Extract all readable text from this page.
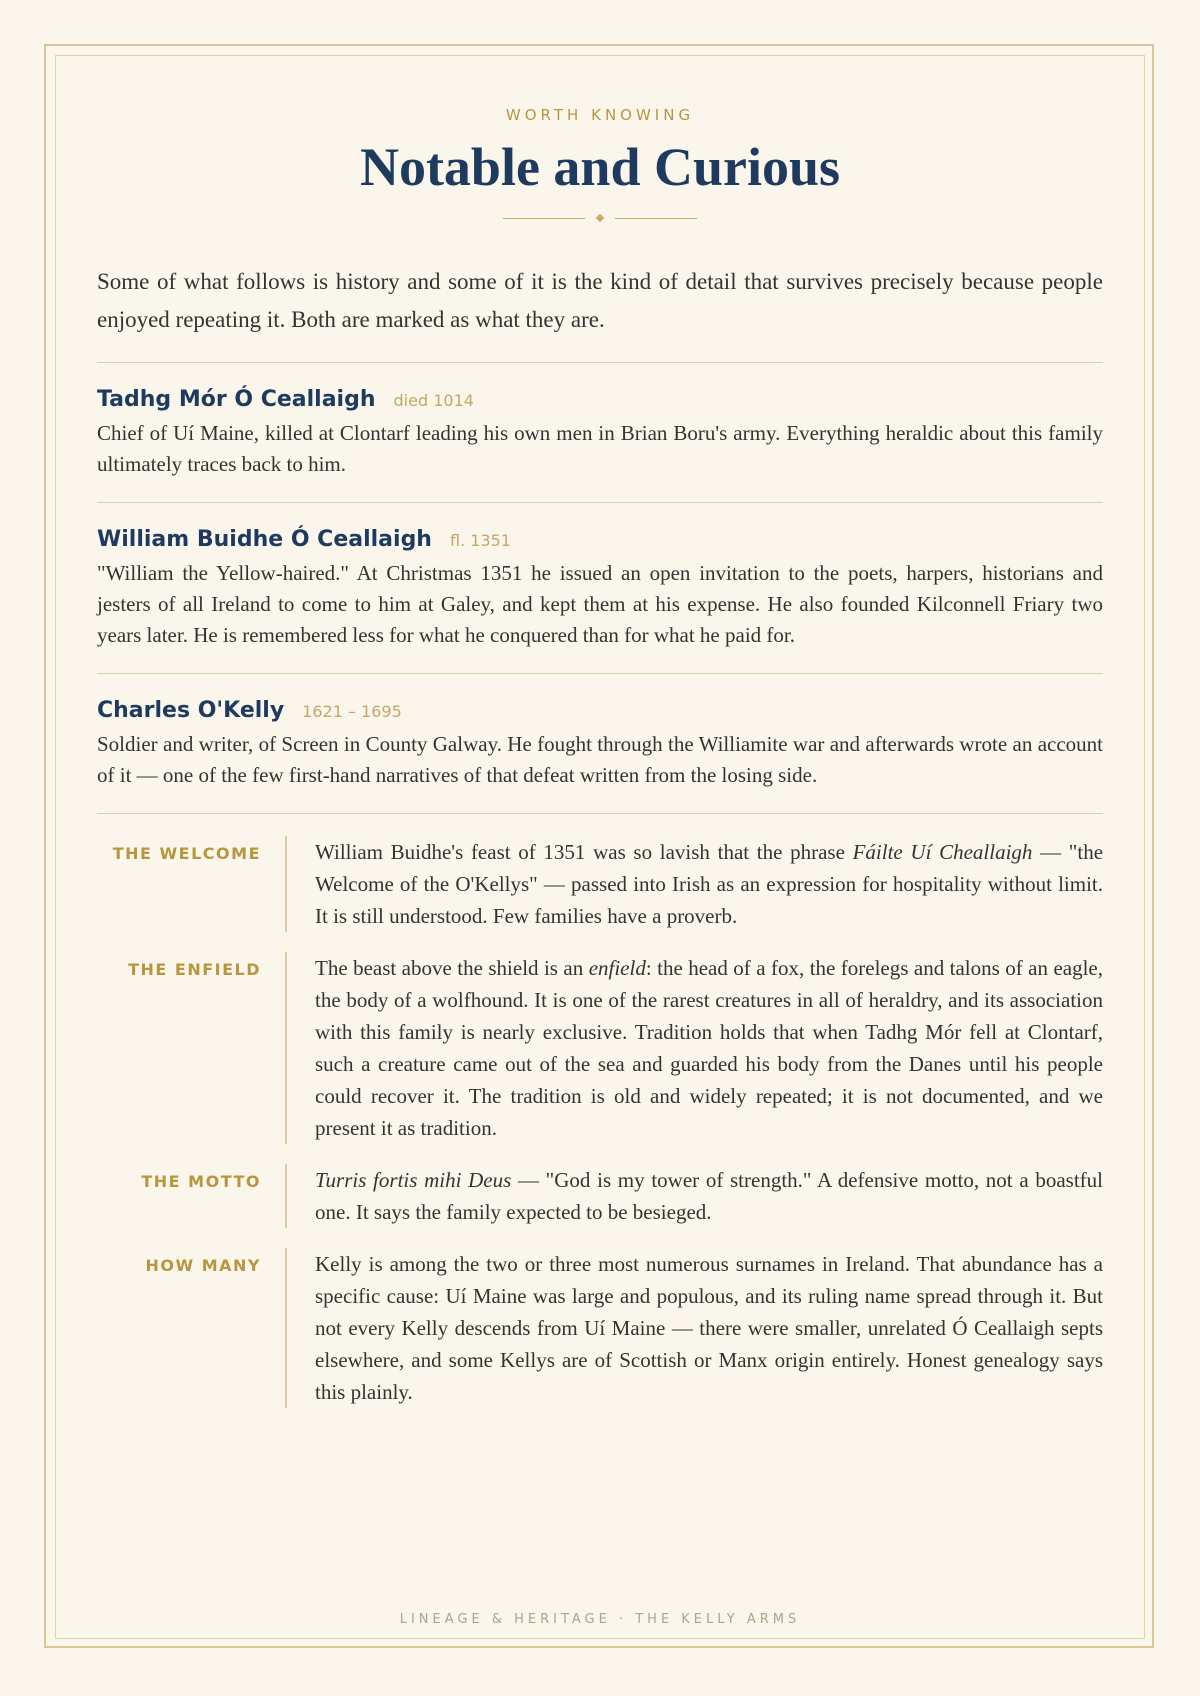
WORTH KNOWING
Notable and Curious

Some of what follows is history and some of it is the kind of detail that survives precisely because people enjoyed repeating it. Both are marked as what they are.

Tadhg Mór Ó Ceallaigh died 1014
Chief of Uí Maine, killed at Clontarf leading his own men in Brian Boru's army. Everything heraldic about this family ultimately traces back to him.
William Buidhe Ó Ceallaigh fl. 1351
"William the Yellow-haired." At Christmas 1351 he issued an open invitation to the poets, harpers, historians and jesters of all Ireland to come to him at Galey, and kept them at his expense. He also founded Kilconnell Friary two years later. He is remembered less for what he conquered than for what he paid for.
Charles O'Kelly 1621 – 1695
Soldier and writer, of Screen in County Galway. He fought through the Williamite war and afterwards wrote an account of it — one of the few first-hand narratives of that defeat written from the losing side.
THE WELCOME	William Buidhe's feast of 1351 was so lavish that the phrase Fáilte Uí Cheallaigh — "the Welcome of the O'Kellys" — passed into Irish as an expression for hospitality without limit. It is still understood. Few families have a proverb.
THE ENFIELD	The beast above the shield is an enfield: the head of a fox, the forelegs and talons of an eagle, the body of a wolfhound. It is one of the rarest creatures in all of heraldry, and its association with this family is nearly exclusive. Tradition holds that when Tadhg Mór fell at Clontarf, such a creature came out of the sea and guarded his body from the Danes until his people could recover it. The tradition is old and widely repeated; it is not documented, and we present it as tradition.
THE MOTTO	Turris fortis mihi Deus — "God is my tower of strength." A defensive motto, not a boastful one. It says the family expected to be besieged.
HOW MANY	Kelly is among the two or three most numerous surnames in Ireland. That abundance has a specific cause: Uí Maine was large and populous, and its ruling name spread through it. But not every Kelly descends from Uí Maine — there were smaller, unrelated Ó Ceallaigh septs elsewhere, and some Kellys are of Scottish or Manx origin entirely. Honest genealogy says this plainly.
LINEAGE & HERITAGE · THE KELLY ARMS
